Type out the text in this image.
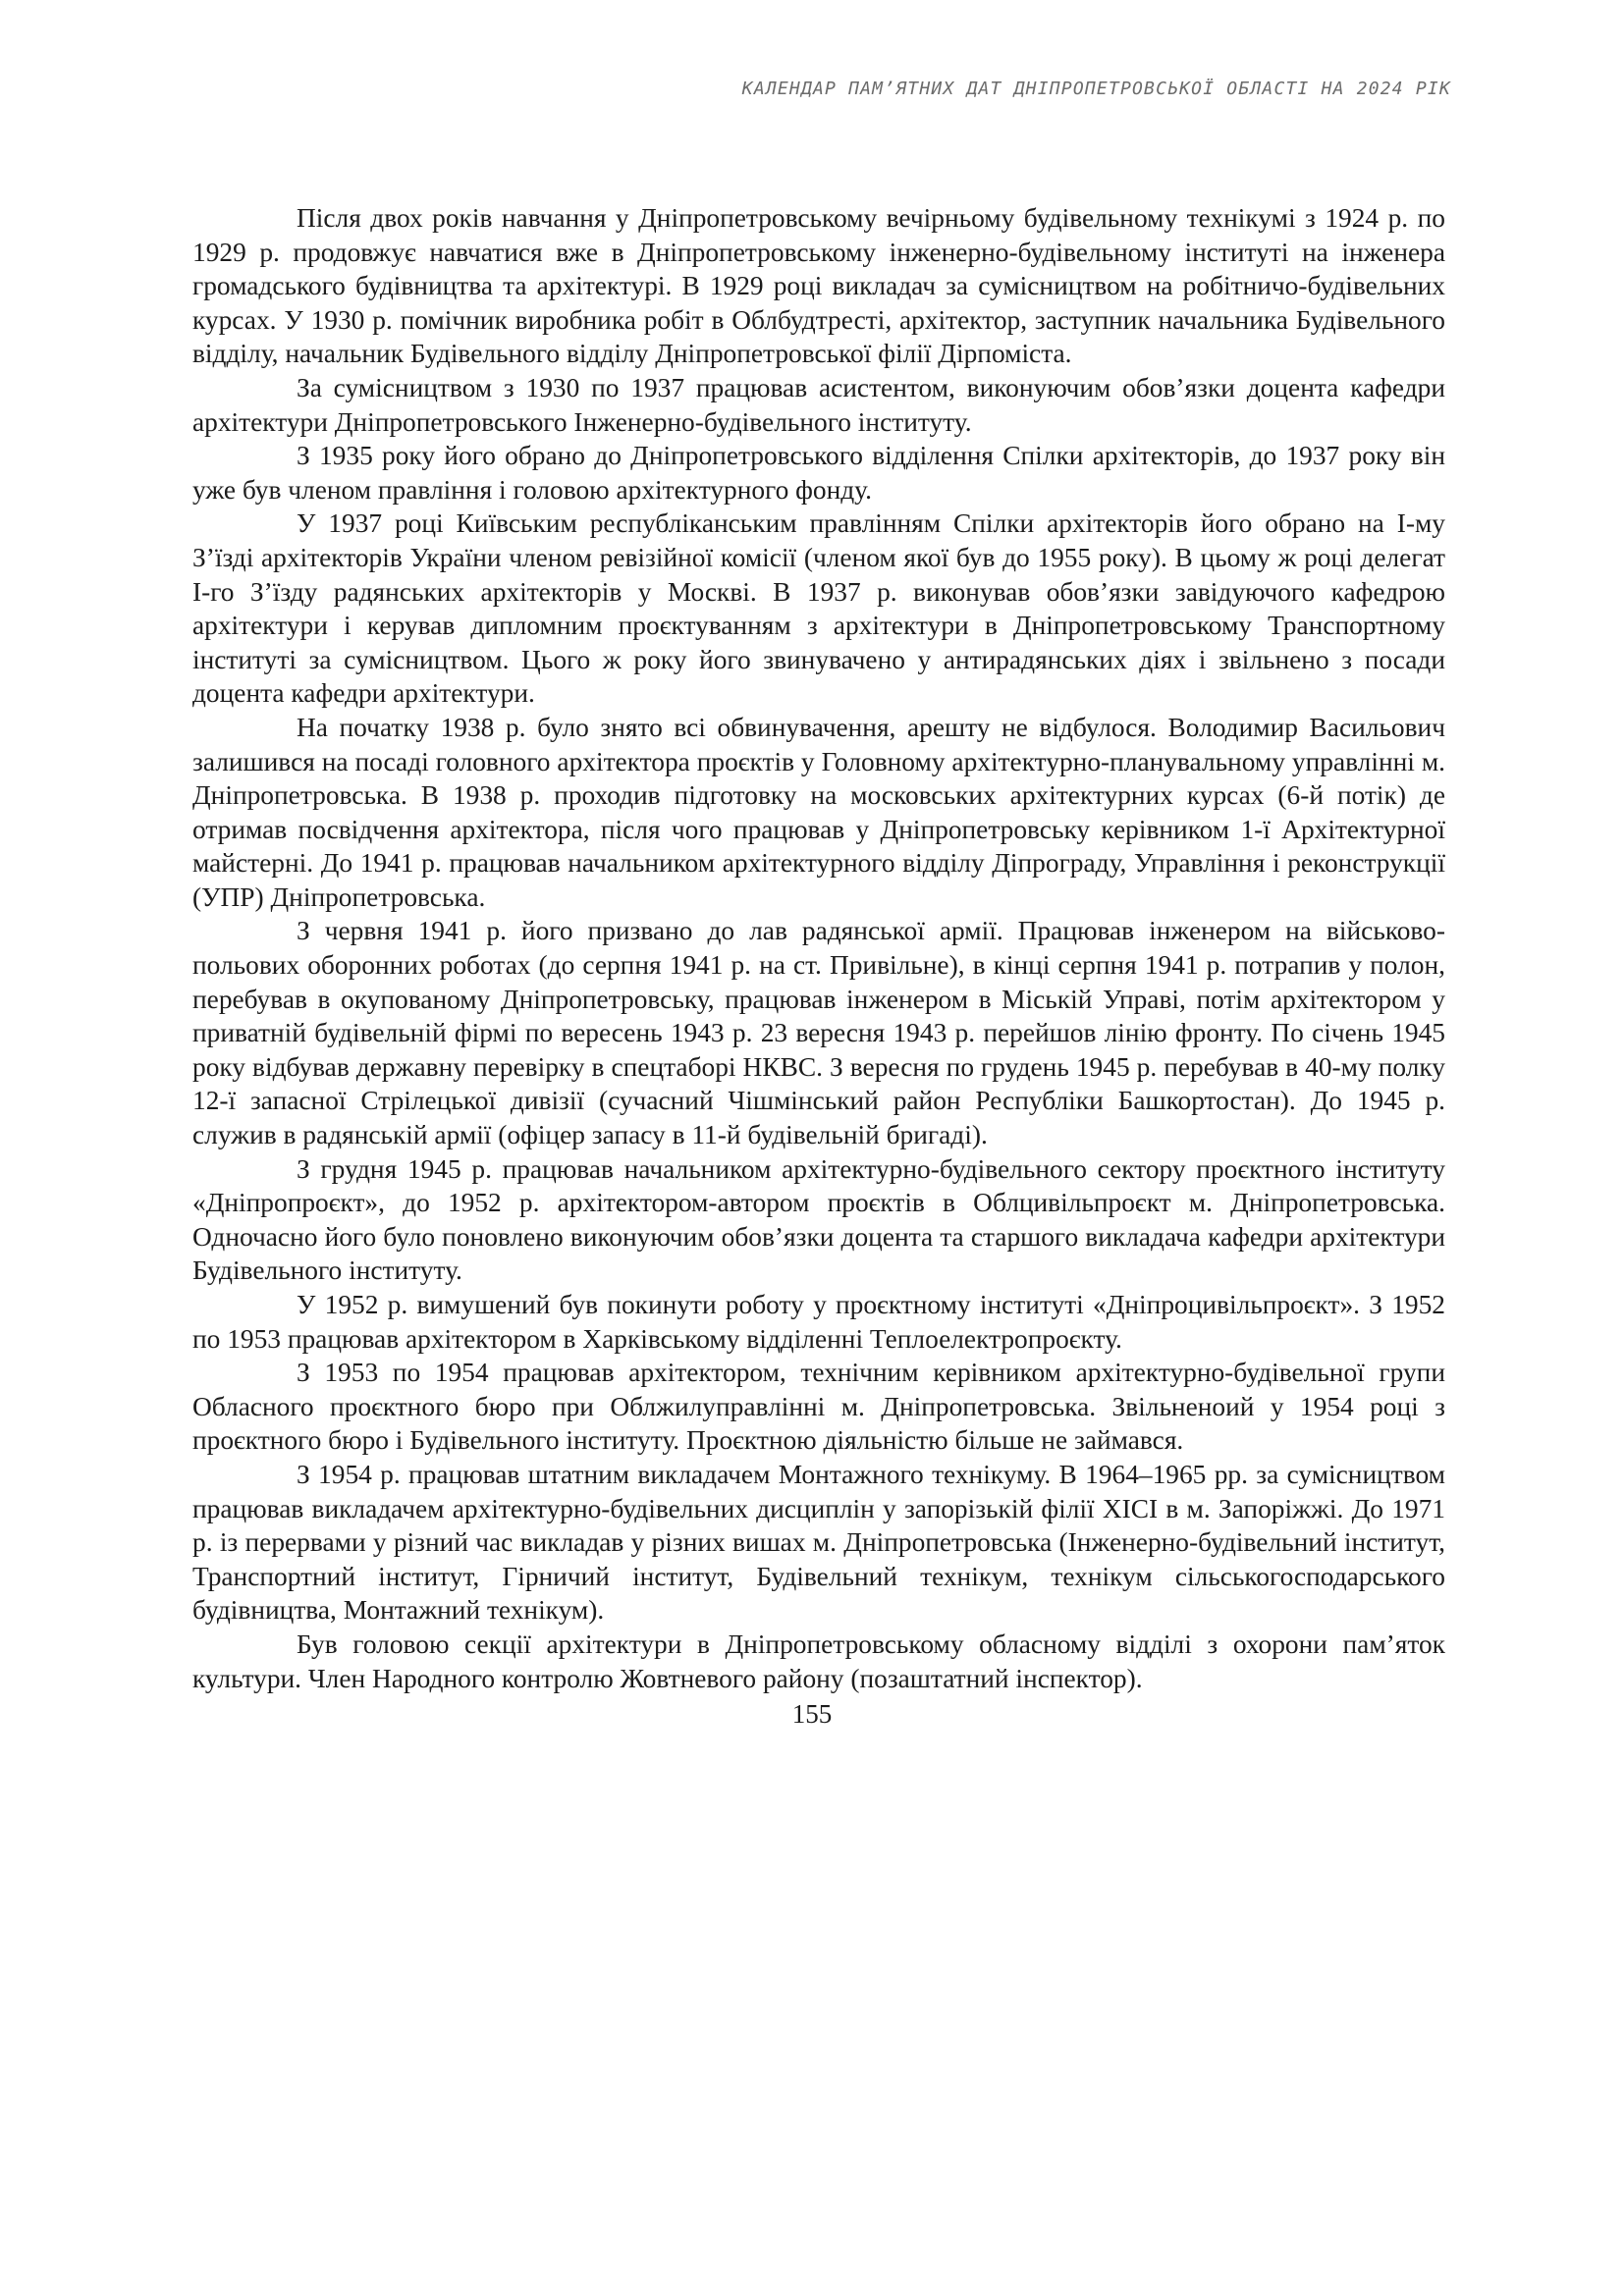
КАЛЕНДАР ПАМ’ЯТНИХ ДАТ ДНІПРОПЕТРОВСЬКОЇ ОБЛАСТІ НА 2024 РІК

Після двох років навчання у Дніпропетровському вечірньому будівельному технікумі з 1924 р. по 1929 р. продовжує навчатися вже в Дніпропетровському інженерно-будівельному інституті на інженера громадського будівництва та архітектурі. В 1929 році викладач за сумісництвом на робітничо-будівельних курсах. У 1930 р. помічник виробника робіт в Облбудтресті, архітектор, заступник начальника Будівельного відділу, начальник Будівельного відділу Дніпропетровської філії Дірпоміста.

За сумісництвом з 1930 по 1937 працював асистентом, виконуючим обов’язки доцента кафедри архітектури Дніпропетровського Інженерно-будівельного інституту.

З 1935 року його обрано до Дніпропетровського відділення Спілки архітекторів, до 1937 року він уже був членом правління і головою архітектурного фонду.

У 1937 році Київським республіканським правлінням Спілки архітекторів його обрано на І-му З’їзді архітекторів України членом ревізійної комісії (членом якої був до 1955 року). В цьому ж році делегат І-го З’їзду радянських архітекторів у Москві. В 1937 р. виконував обов’язки завідуючого кафедрою архітектури і керував дипломним проєктуванням з архітектури в Дніпропетровському Транспортному інституті за сумісництвом. Цього ж року його звинувачено у антирадянських діях і звільнено з посади доцента кафедри архітектури.

На початку 1938 р. було знято всі обвинувачення, арешту не відбулося. Володимир Васильович залишився на посаді головного архітектора проєктів у Головному архітектурно-планувальному управлінні м. Дніпропетровська. В 1938 р. проходив підготовку на московських архітектурних курсах (6-й потік) де отримав посвідчення архітектора, після чого працював у Дніпропетровську керівником 1-ї Архітектурної майстерні. До 1941 р. працював начальником архітектурного відділу Діпрограду, Управління і реконструкції (УПР) Дніпропетровська.

З червня 1941 р. його призвано до лав радянської армії. Працював інженером на військово-польових оборонних роботах (до серпня 1941 р. на ст. Привільне), в кінці серпня 1941 р. потрапив у полон, перебував в окупованому Дніпропетровську, працював інженером в Міській Управі, потім архітектором у приватній будівельній фірмі по вересень 1943 р. 23 вересня 1943 р. перейшов лінію фронту. По січень 1945 року відбував державну перевірку в спецтаборі НКВС. З вересня по грудень 1945 р. перебував в 40-му полку 12-ї запасної Стрілецької дивізії (сучасний Чішмінський район Республіки Башкортостан). До 1945 р. служив в радянській армії (офіцер запасу в 11-й будівельній бригаді).

З грудня 1945 р. працював начальником архітектурно-будівельного сектору проєктного інституту «Дніпропроєкт», до 1952 р. архітектором-автором проєктів в Облцивільпроєкт м. Дніпропетровська. Одночасно його було поновлено виконуючим обов’язки доцента та старшого викладача кафедри архітектури Будівельного інституту.

У 1952 р. вимушений був покинути роботу у проєктному інституті «Дніпроцивільпроєкт». З 1952 по 1953 працював архітектором в Харківському відділенні Теплоелектропроєкту.

З 1953 по 1954 працював архітектором, технічним керівником архітектурно-будівельної групи Обласного проєктного бюро при Облжилуправлінні м. Дніпропетровська. Звільненоий у 1954 році з проєктного бюро і Будівельного інституту. Проєктною діяльністю більше не займався.

З 1954 р. працював штатним викладачем Монтажного технікуму. В 1964–1965 рр. за сумісництвом працював викладачем архітектурно-будівельних дисциплін у запорізькій філії ХІСІ в м. Запоріжжі. До 1971 р. із перервами у різний час викладав у різних вишах м. Дніпропетровська (Інженерно-будівельний інститут, Транспортний інститут, Гірничий інститут, Будівельний технікум, технікум сільськогосподарського будівництва, Монтажний технікум).

Був головою секції архітектури в Дніпропетровському обласному відділі з охорони пам’яток культури. Член Народного контролю Жовтневого району (позаштатний інспектор).

155
